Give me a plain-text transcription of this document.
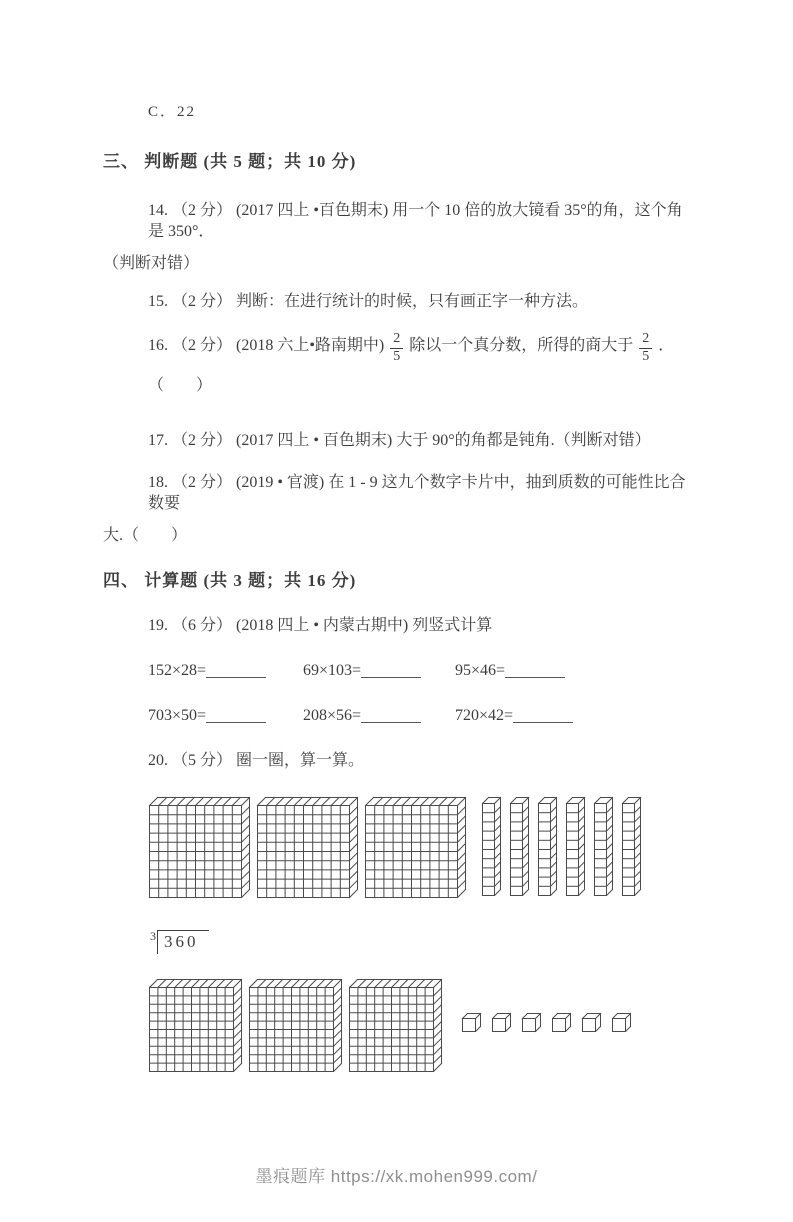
C．22
三、 判断题 (共 5 题；共 10 分)

14. （2 分） (2017 四上 •百色期末) 用一个 10 倍的放大镜看 35°的角，这个角是 350°．

（判断对错）

15. （2 分） 判断：在进行统计的时候，只有画正字一种方法。

16. （2 分） (2018 六上•路南期中) $\frac{2}{5}$ 除以一个真分数，所得的商大于 $\frac{2}{5}$ ．（　　）

17. （2 分） (2017 四上 • 百色期末) 大于 90°的角都是钝角.（判断对错）

18. （2 分） (2019 • 官渡) 在 1 - 9 这九个数字卡片中，抽到质数的可能性比合数要

大.（　　）

四、 计算题 (共 3 题；共 16 分)

19. （6 分） (2018 四上 • 内蒙古期中) 列竖式计算

152×28=	69×103=	95×46=
703×50=	208×56=	720×42=

20. （5 分） 圈一圈，算一算。

$^3$ 360
墨痕题库 https://xk.mohen999.com/
